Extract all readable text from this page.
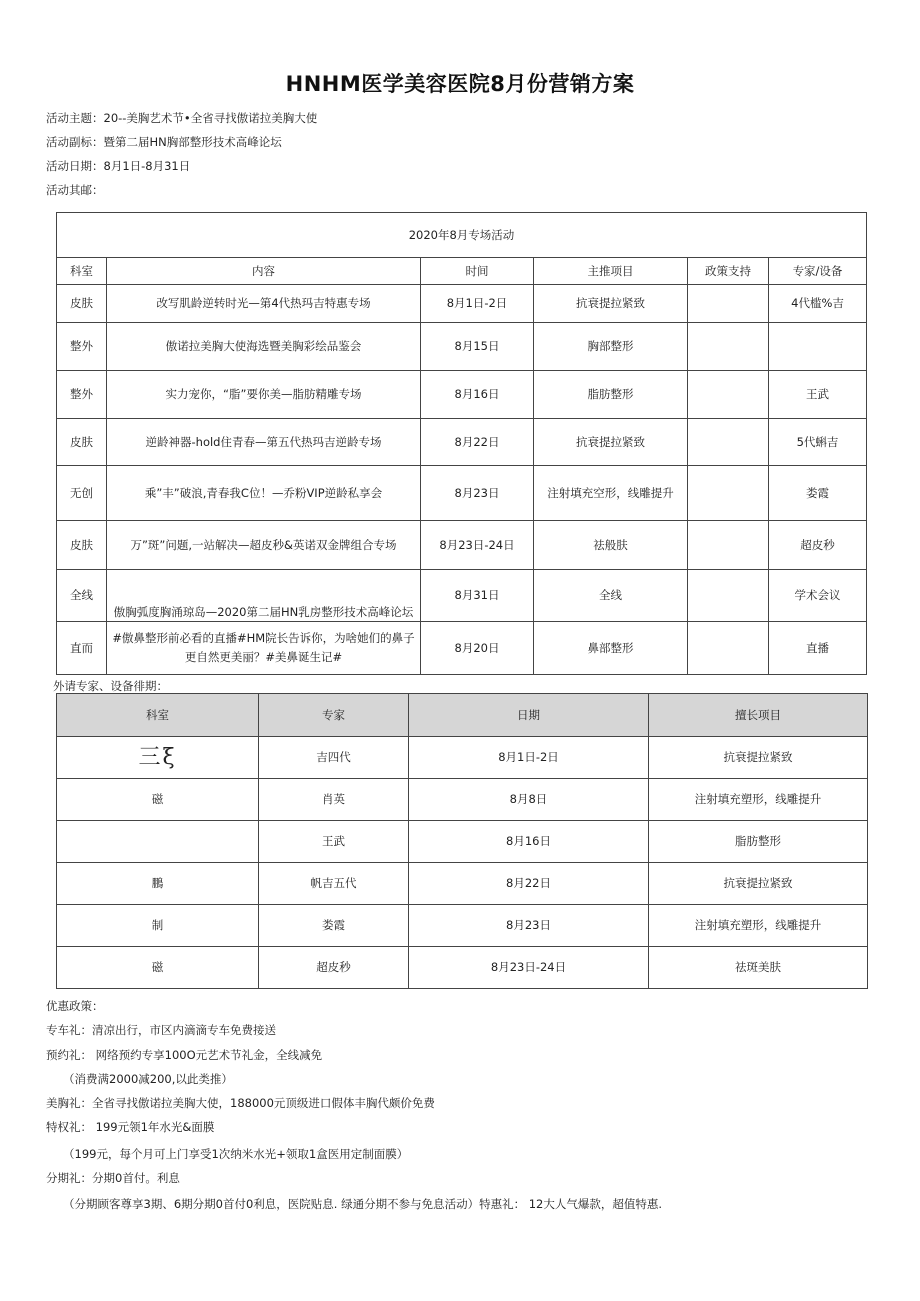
HNHM医学美容医院8月份营销方案
活动主题：20--美胸艺术节•全省寻找傲诺拉美胸大使
活动副标：暨第二届HN胸部整形技术高峰论坛
活动日期：8月1日-8月31日
活动其邮：
2020年8月专场活动					
科室	内容	时间	主推项目	政策支持	专家/设备
皮肤	改写肌龄逆转时光—第4代热玛吉特惠专场	8月1日-2日	抗衰提拉紧致		4代槛%吉
整外	傲诺拉美胸大使海选暨美胸彩绘品鉴会	8月15日	胸部整形		
整外	实力宠你，“脂”要你美—脂肪精雕专场	8月16日	脂肪整形		王武
皮肤	逆龄神器-hold住青春—第五代热玛吉逆龄专场	8月22日	抗衰提拉紧致		5代蝌吉
无创	乘”丰”破浪,青春我C位！—乔粉VIP逆龄私享会	8月23日	注射填充空形，线雕提升		娄霞
皮肤	万”斑”问题,一站解决—超皮秒&英诺双金牌组合专场	8月23日-24日	祛般肤		超皮秒
全线	傲胸弧度胸涌琼岛—2020第二届HN乳房整形技术高峰论坛	8月31日	全线		学术会议
直而	#傲鼻整形前必看的直播#HM院长告诉你，为啥她们的鼻子
更自然更美丽？#美鼻诞生记#	8月20日	鼻部整形		直播
外请专家、设备徘期：
科室	专家	日期	擅长项目
三ξ	吉四代	8月1日-2日	抗衰提拉紧致
磁	肖英	8月8日	注射填充塑形，线雕提升
	王武	8月16日	脂肪整形
鵬	帆吉五代	8月22日	抗衰提拉紧致
制	娄霞	8月23日	注射填充塑形，线雕提升
磁	超皮秒	8月23日-24日	祛斑美肤
优惠政策：
专车礼：清凉出行，市区内滴滴专车免费接送
预约礼： 网络预约专享100O元艺术节礼金，全线减免
（消费满2000减200,以此类推）
美胸礼：全省寻找傲诺拉美胸大使，188000元顶级进口假体丰胸代颇价免费
特权礼： 199元领1年水光&面膜
（199元，每个月可上门享受1次纳米水光+领取1盒医用定制面膜）
分期礼：分期0首付。利息
（分期顾客尊享3期、6期分期0首付0利息，医院贴息. 绿通分期不参与免息活动）特惠礼： 12大人气爆款，超值特惠.
